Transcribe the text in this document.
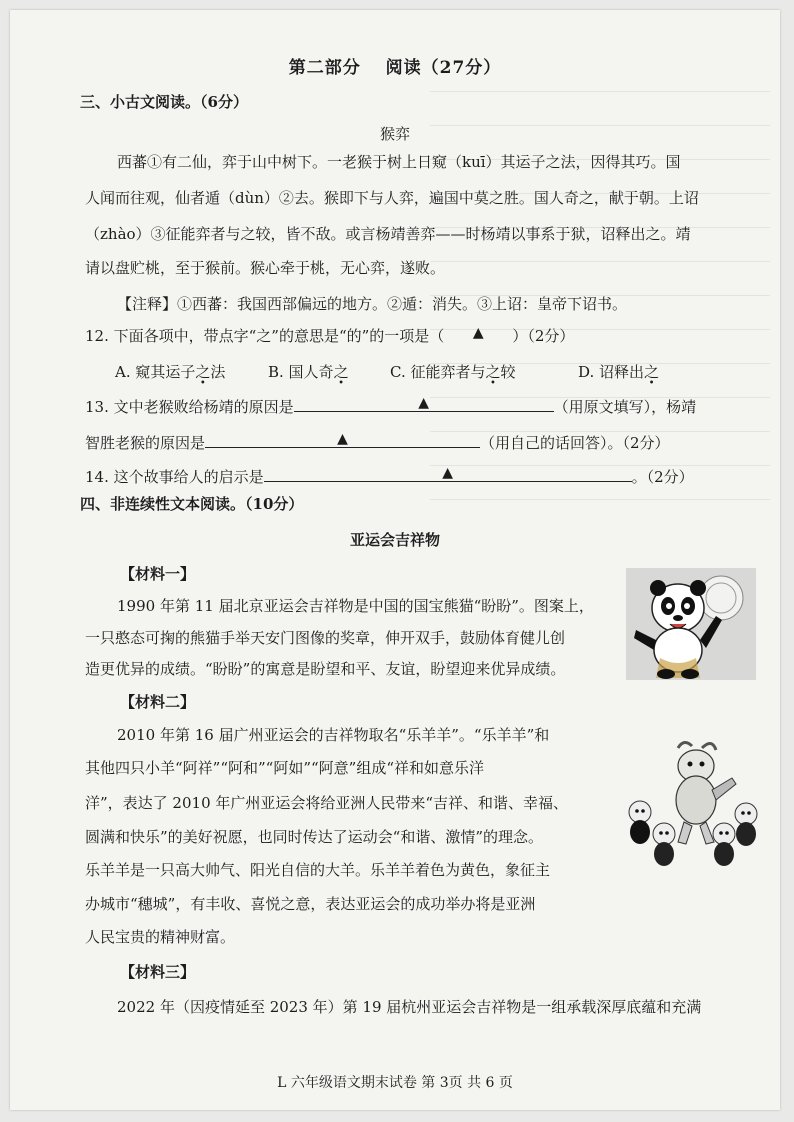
第二部分　 阅读（27分）
三、小古文阅读。（6分）
猴弈
西蕃①有二仙，弈于山中树下。一老猴于树上日窥（kuī）其运子之法，因得其巧。国
人闻而往观，仙者遁（dùn）②去。猴即下与人弈，遍国中莫之胜。国人奇之，献于朝。上诏
（zhào）③征能弈者与之较，皆不敌。或言杨靖善弈——时杨靖以事系于狱，诏释出之。靖
请以盘贮桃，至于猴前。猴心牵于桃，无心弈，遂败。
【注释】①西蕃：我国西部偏远的地方。②遁：消失。③上诏：皇帝下诏书。
12. 下面各项中，带点字“之”的意思是“的”的一项是（ ▲ ）（2分）
A. 窥其运子之法	B. 国人奇之	C. 征能弈者与之较	D. 诏释出之
13. 文中老猴败给杨靖的原因是	▲	（用原文填写），杨靖
智胜老猴的原因是	▲	（用自己的话回答）。（2分）
14. 这个故事给人的启示是	▲	。（2分）
四、非连续性文本阅读。（10分）
亚运会吉祥物
【材料一】
1990 年第 11 届北京亚运会吉祥物是中国的国宝熊猫“盼盼”。图案上，
一只憨态可掬的熊猫手举天安门图像的奖章，伸开双手，鼓励体育健儿创
造更优异的成绩。“盼盼”的寓意是盼望和平、友谊，盼望迎来优异成绩。
【材料二】
2010 年第 16 届广州亚运会的吉祥物取名“乐羊羊”。“乐羊羊”和
其他四只小羊“阿祥”“阿和”“阿如”“阿意”组成“祥和如意乐洋
洋”，表达了 2010 年广州亚运会将给亚洲人民带来“吉祥、和谐、幸福、
圆满和快乐”的美好祝愿，也同时传达了运动会“和谐、激情”的理念。
乐羊羊是一只高大帅气、阳光自信的大羊。乐羊羊着色为黄色，象征主
办城市“穗城”，有丰收、喜悦之意，表达亚运会的成功举办将是亚洲
人民宝贵的精神财富。
【材料三】
2022 年（因疫情延至 2023 年）第 19 届杭州亚运会吉祥物是一组承载深厚底蕴和充满
L 六年级语文期末试卷 第 3页 共 6 页
